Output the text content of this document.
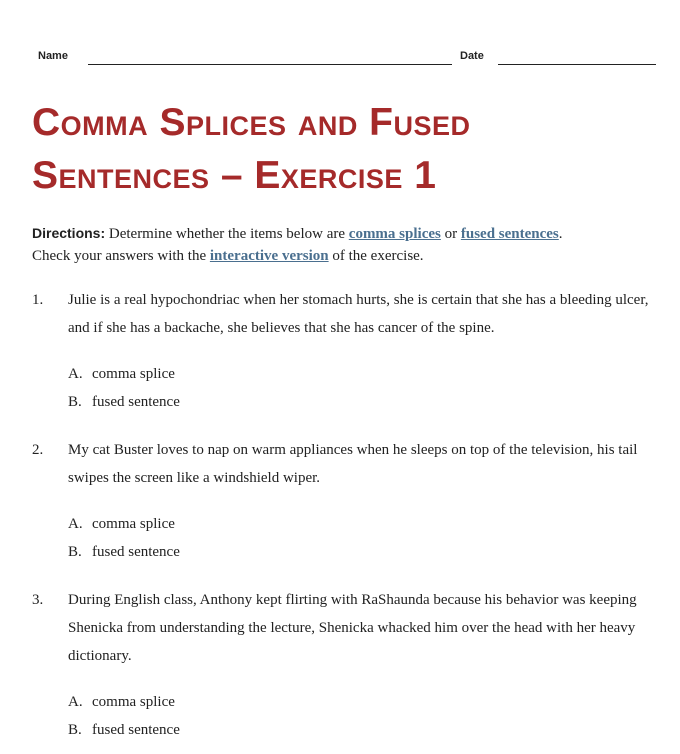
Name	Date
Comma Splices and Fused
Sentences – Exercise 1
Directions: Determine whether the items below are comma splices or fused sentences.
Check your answers with the interactive version of the exercise.
1. Julie is a real hypochondriac when her stomach hurts, she is certain that she has a bleeding ulcer, and if she has a backache, she believes that she has cancer of the spine.
A. comma splice
B. fused sentence
2. My cat Buster loves to nap on warm appliances when he sleeps on top of the television, his tail swipes the screen like a windshield wiper.
A. comma splice
B. fused sentence
3. During English class, Anthony kept flirting with RaShaunda because his behavior was keeping Shenicka from understanding the lecture, Shenicka whacked him over the head with her heavy dictionary.
A. comma splice
B. fused sentence
